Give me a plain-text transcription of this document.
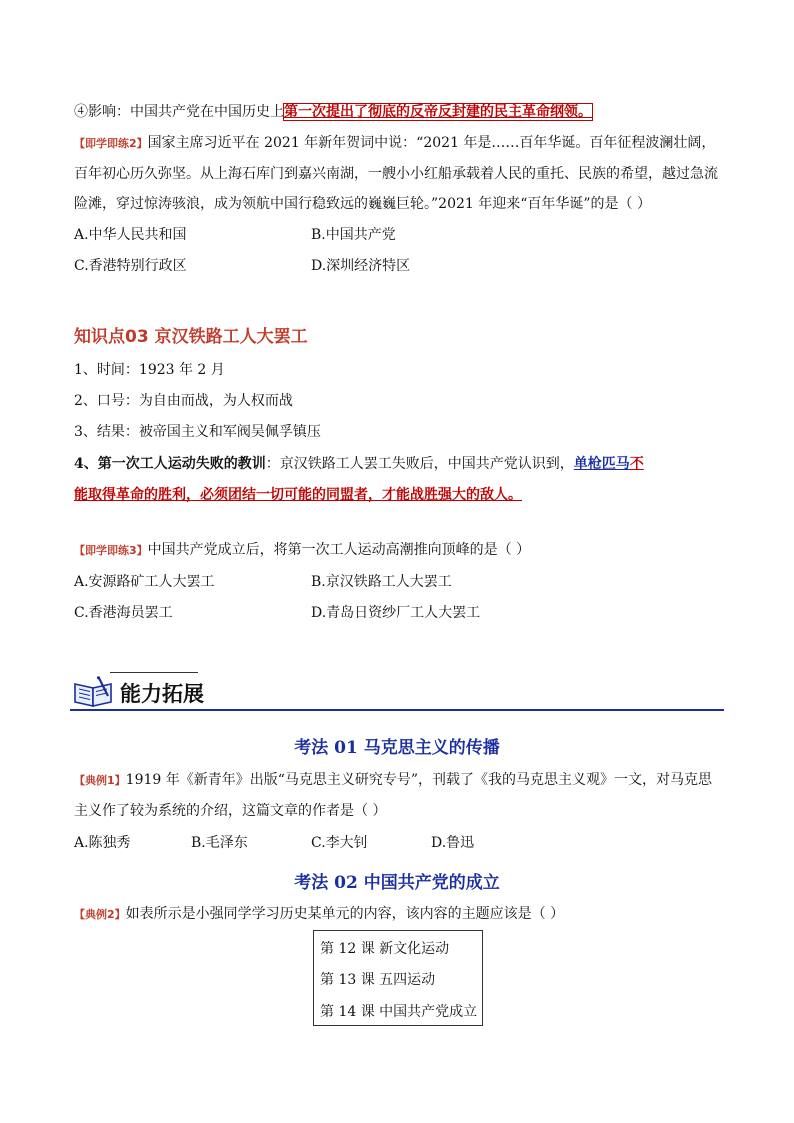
④影响：中国共产党在中国历史上第一次提出了彻底的反帝反封建的民主革命纲领。
【即学即练2】国家主席习近平在 2021 年新年贺词中说：“2021 年是……百年华诞。百年征程波澜壮阔，
百年初心历久弥坚。从上海石库门到嘉兴南湖，一艘小小红船承载着人民的重托、民族的希望，越过急流
险滩，穿过惊涛骇浪，成为领航中国行稳致远的巍巍巨轮。”2021 年迎来“百年华诞”的是（ ）
A.中华人民共和国	B.中国共产党
C.香港特别行政区	D.深圳经济特区
知识点03 京汉铁路工人大罢工
1、时间：1923 年 2 月
2、口号：为自由而战，为人权而战
3、结果：被帝国主义和军阀吴佩孚镇压
4、第一次工人运动失败的教训：京汉铁路工人罢工失败后，中国共产党认识到，单枪匹马不
能取得革命的胜利，必须团结一切可能的同盟者，才能战胜强大的敌人。
【即学即练3】中国共产党成立后，将第一次工人运动高潮推向顶峰的是（ ）
A.安源路矿工人大罢工	B.京汉铁路工人大罢工
C.香港海员罢工	D.青岛日资纱厂工人大罢工
能力拓展
考法 01 马克思主义的传播
【典例1】1919 年《新青年》出版“马克思主义研究专号”，刊载了《我的马克思主义观》一文，对马克思
主义作了较为系统的介绍，这篇文章的作者是（ ）
A.陈独秀	B.毛泽东	C.李大钊	D.鲁迅
考法 02 中国共产党的成立
【典例2】如表所示是小强同学学习历史某单元的内容，该内容的主题应该是（ ）
第 12 课 新文化运动
第 13 课 五四运动
第 14 课 中国共产党成立
